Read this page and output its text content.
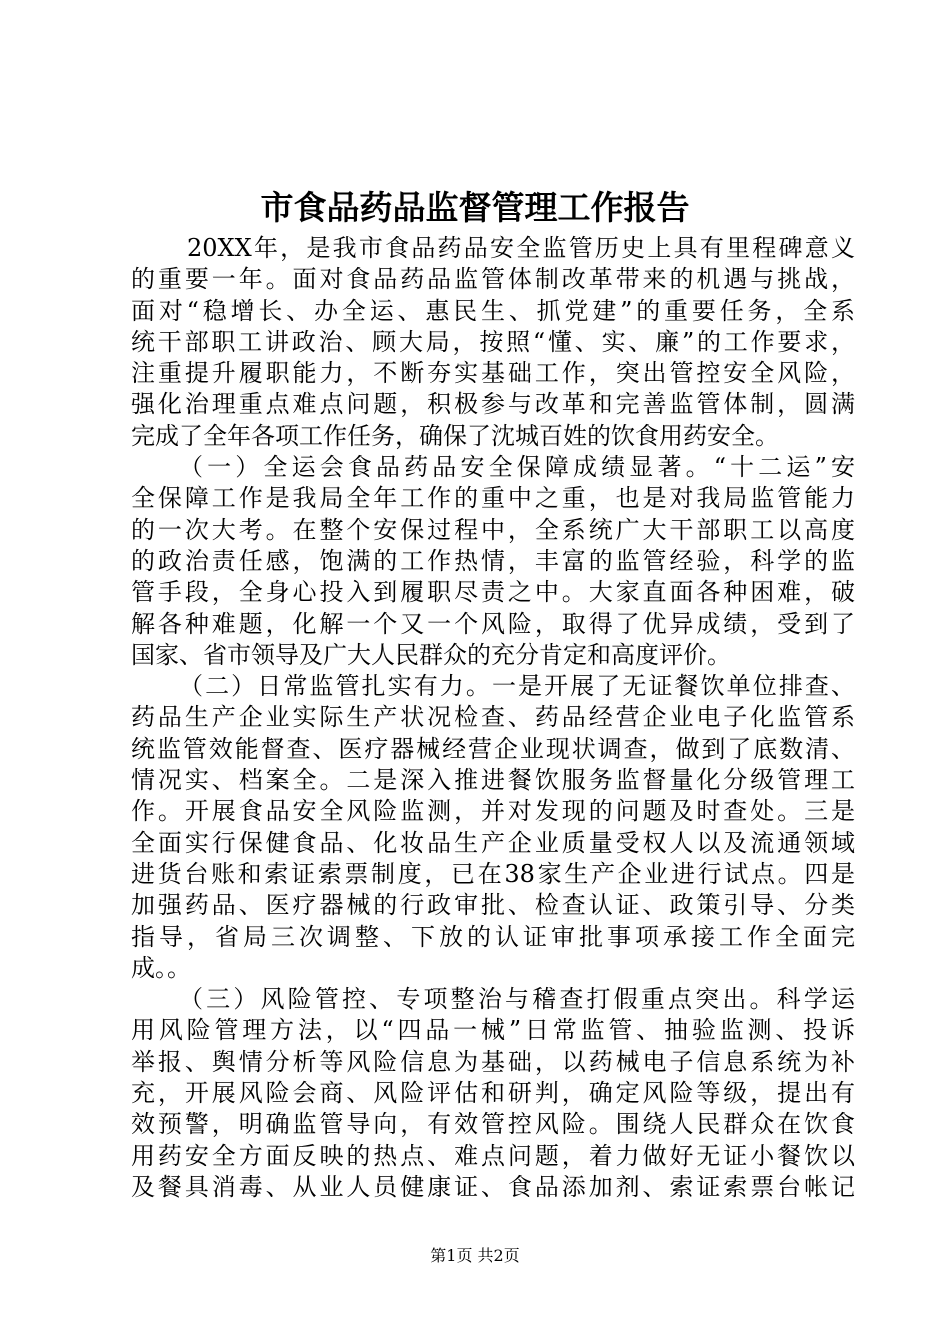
市食品药品监督管理工作报告
20XX年，是我市食品药品安全监管历史上具有里程碑意义
的重要一年。面对食品药品监管体制改革带来的机遇与挑战，
面对“稳增长、办全运、惠民生、抓党建”的重要任务，全系
统干部职工讲政治、顾大局，按照“懂、实、廉”的工作要求，
注重提升履职能力，不断夯实基础工作，突出管控安全风险，
强化治理重点难点问题，积极参与改革和完善监管体制，圆满
完成了全年各项工作任务，确保了沈城百姓的饮食用药安全。
（一）全运会食品药品安全保障成绩显著。“十二运”安
全保障工作是我局全年工作的重中之重，也是对我局监管能力
的一次大考。在整个安保过程中，全系统广大干部职工以高度
的政治责任感，饱满的工作热情，丰富的监管经验，科学的监
管手段，全身心投入到履职尽责之中。大家直面各种困难，破
解各种难题，化解一个又一个风险，取得了优异成绩，受到了
国家、省市领导及广大人民群众的充分肯定和高度评价。
（二）日常监管扎实有力。一是开展了无证餐饮单位排查、
药品生产企业实际生产状况检查、药品经营企业电子化监管系
统监管效能督查、医疗器械经营企业现状调查，做到了底数清、
情况实、档案全。二是深入推进餐饮服务监督量化分级管理工
作。开展食品安全风险监测，并对发现的问题及时查处。三是
全面实行保健食品、化妆品生产企业质量受权人以及流通领域
进货台账和索证索票制度，已在38家生产企业进行试点。四是
加强药品、医疗器械的行政审批、检查认证、政策引导、分类
指导，省局三次调整、下放的认证审批事项承接工作全面完
成。。
（三）风险管控、专项整治与稽查打假重点突出。科学运
用风险管理方法，以“四品一械”日常监管、抽验监测、投诉
举报、舆情分析等风险信息为基础，以药械电子信息系统为补
充，开展风险会商、风险评估和研判，确定风险等级，提出有
效预警，明确监管导向，有效管控风险。围绕人民群众在饮食
用药安全方面反映的热点、难点问题，着力做好无证小餐饮以
及餐具消毒、从业人员健康证、食品添加剂、索证索票台帐记
第1页 共2页
